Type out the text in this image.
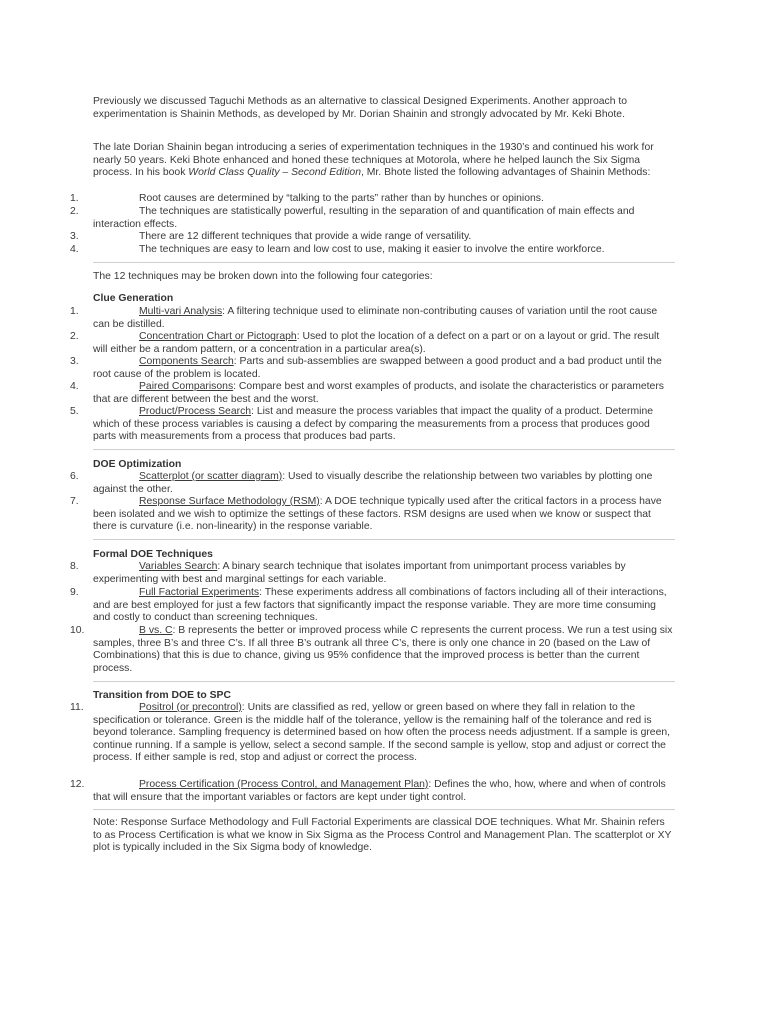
Previously we discussed Taguchi Methods as an alternative to classical Designed Experiments. Another approach to experimentation is Shainin Methods, as developed by Mr. Dorian Shainin and strongly advocated by Mr. Keki Bhote.

The late Dorian Shainin began introducing a series of experimentation techniques in the 1930’s and continued his work for nearly 50 years. Keki Bhote enhanced and honed these techniques at Motorola, where he helped launch the Six Sigma process. In his book World Class Quality – Second Edition, Mr. Bhote listed the following advantages of Shainin Methods:

1.	Root causes are determined by “talking to the parts” rather than by hunches or opinions.

2.	The techniques are statistically powerful, resulting in the separation of and quantification of main effects and interaction effects.

3.	There are 12 different techniques that provide a wide range of versatility.

4.	The techniques are easy to learn and low cost to use, making it easier to involve the entire workforce.

The 12 techniques may be broken down into the following four categories:

Clue Generation
1.	Multi-vari Analysis: A filtering technique used to eliminate non-contributing causes of variation until the root cause can be distilled.

2.	Concentration Chart or Pictograph: Used to plot the location of a defect on a part or on a layout or grid. The result will either be a random pattern, or a concentration in a particular area(s).

3.	Components Search: Parts and sub-assemblies are swapped between a good product and a bad product until the root cause of the problem is located.

4.	Paired Comparisons: Compare best and worst examples of products, and isolate the characteristics or parameters that are different between the best and the worst.

5.	Product/Process Search: List and measure the process variables that impact the quality of a product. Determine which of these process variables is causing a defect by comparing the measurements from a process that produces good parts with measurements from a process that produces bad parts.

DOE Optimization
6.	Scatterplot (or scatter diagram): Used to visually describe the relationship between two variables by plotting one against the other.

7.	Response Surface Methodology (RSM): A DOE technique typically used after the critical factors in a process have been isolated and we wish to optimize the settings of these factors. RSM designs are used when we know or suspect that there is curvature (i.e. non-linearity) in the response variable.

Formal DOE Techniques
8.	Variables Search: A binary search technique that isolates important from unimportant process variables by experimenting with best and marginal settings for each variable.

9.	Full Factorial Experiments: These experiments address all combinations of factors including all of their interactions, and are best employed for just a few factors that significantly impact the response variable. They are more time consuming and costly to conduct than screening techniques.

10.	B vs. C: B represents the better or improved process while C represents the current process. We run a test using six samples, three B’s and three C’s. If all three B’s outrank all three C’s, there is only one chance in 20 (based on the Law of Combinations) that this is due to chance, giving us 95% confidence that the improved process is better than the current process.

Transition from DOE to SPC
11.	Positrol (or precontrol): Units are classified as red, yellow or green based on where they fall in relation to the specification or tolerance. Green is the middle half of the tolerance, yellow is the remaining half of the tolerance and red is beyond tolerance. Sampling frequency is determined based on how often the process needs adjustment. If a sample is green, continue running. If a sample is yellow, select a second sample. If the second sample is yellow, stop and adjust or correct the process. If either sample is red, stop and adjust or correct the process.

12.	Process Certification (Process Control, and Management Plan): Defines the who, how, where and when of controls that will ensure that the important variables or factors are kept under tight control.

Note: Response Surface Methodology and Full Factorial Experiments are classical DOE techniques. What Mr. Shainin refers to as Process Certification is what we know in Six Sigma as the Process Control and Management Plan. The scatterplot or XY plot is typically included in the Six Sigma body of knowledge.
